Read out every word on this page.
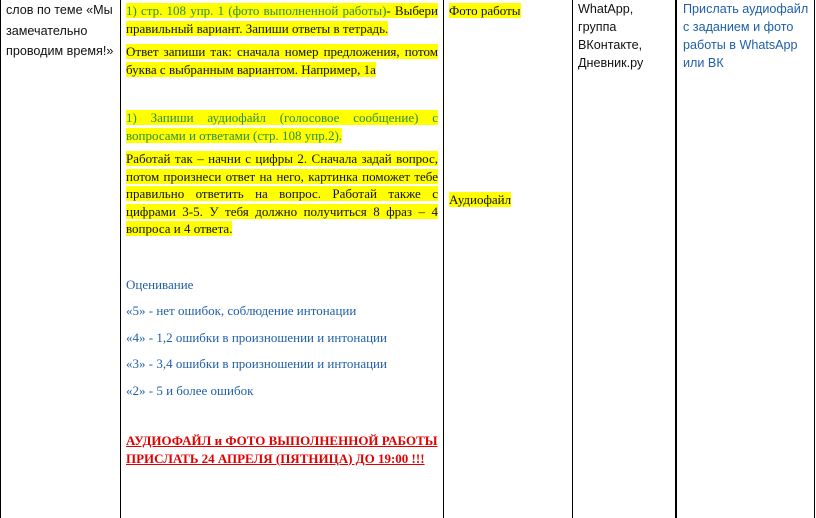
слов по теме «Мы замечательно проводим время!»

1) стр. 108 упр. 1 (фото выполненной работы)- Выбери правильный вариант. Запиши ответы в тетрадь.

Ответ запиши так: сначала номер предложения, потом буква с выбранным вариантом. Например, 1а

1) Запиши аудиофайл (голосовое сообщение) с вопросами и ответами (стр. 108 упр.2).

Работай так – начни с цифры 2. Сначала задай вопрос, потом произнеси ответ на него, картинка поможет тебе правильно ответить на вопрос. Работай также с цифрами 3-5. У тебя должно получиться 8 фраз – 4 вопроса и 4 ответа.

Оценивание

«5» - нет ошибок, соблюдение интонации

«4» - 1,2 ошибки в произношении и интонации

«3» - 3,4 ошибки в произношении и интонации

«2» - 5 и более ошибок

АУДИОФАЙЛ и ФОТО ВЫПОЛНЕННОЙ РАБОТЫ ПРИСЛАТЬ 24 АПРЕЛЯ (ПЯТНИЦА) ДО 19:00 !!!

Фото работы

Аудиофайл

WhatApp, группа ВКонтакте, Дневник.ру

Прислать аудиофайл с заданием и фото работы в WhatsApp или ВК
